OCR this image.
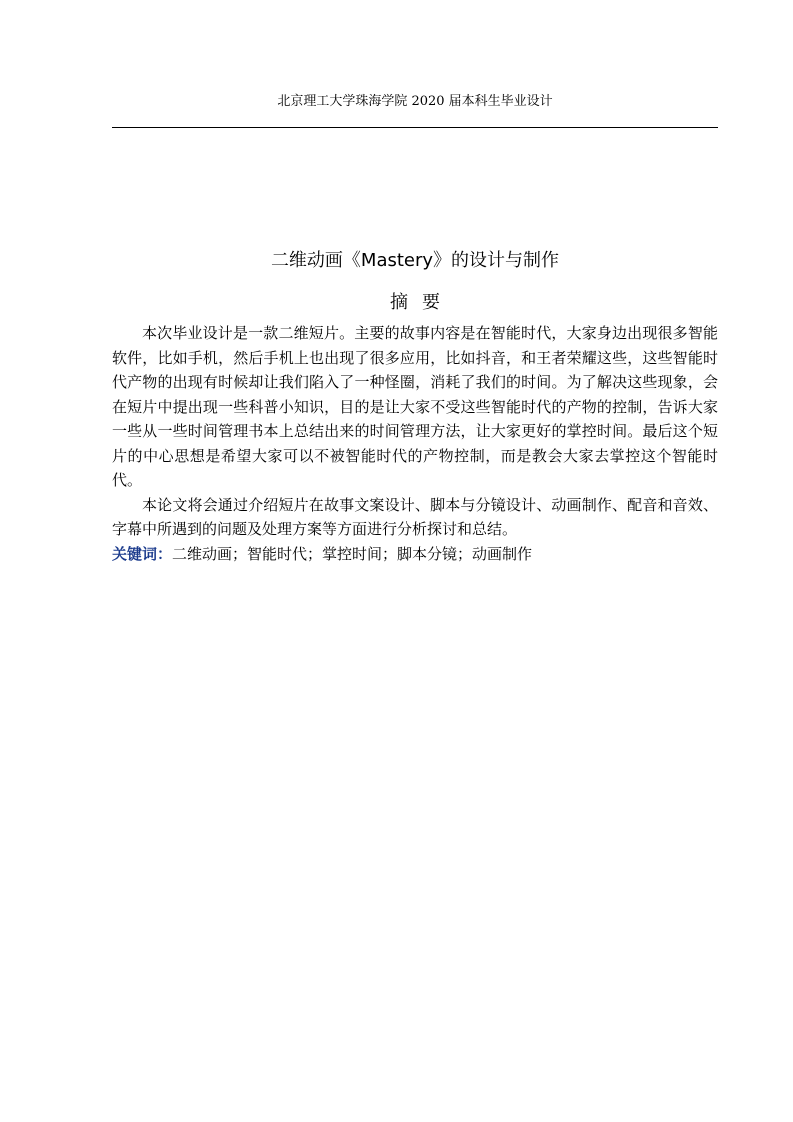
北京理工大学珠海学院 2020 届本科生毕业设计
二维动画《Mastery》的设计与制作
摘要

本次毕业设计是一款二维短片。主要的故事内容是在智能时代，大家身边出现很多智能软件，比如手机，然后手机上也出现了很多应用，比如抖音，和王者荣耀这些，这些智能时代产物的出现有时候却让我们陷入了一种怪圈，消耗了我们的时间。为了解决这些现象，会在短片中提出现一些科普小知识，目的是让大家不受这些智能时代的产物的控制，告诉大家一些从一些时间管理书本上总结出来的时间管理方法，让大家更好的掌控时间。最后这个短片的中心思想是希望大家可以不被智能时代的产物控制，而是教会大家去掌控这个智能时代。

本论文将会通过介绍短片在故事文案设计、脚本与分镜设计、动画制作、配音和音效、字幕中所遇到的问题及处理方案等方面进行分析探讨和总结。

关键词：二维动画；智能时代；掌控时间；脚本分镜；动画制作
